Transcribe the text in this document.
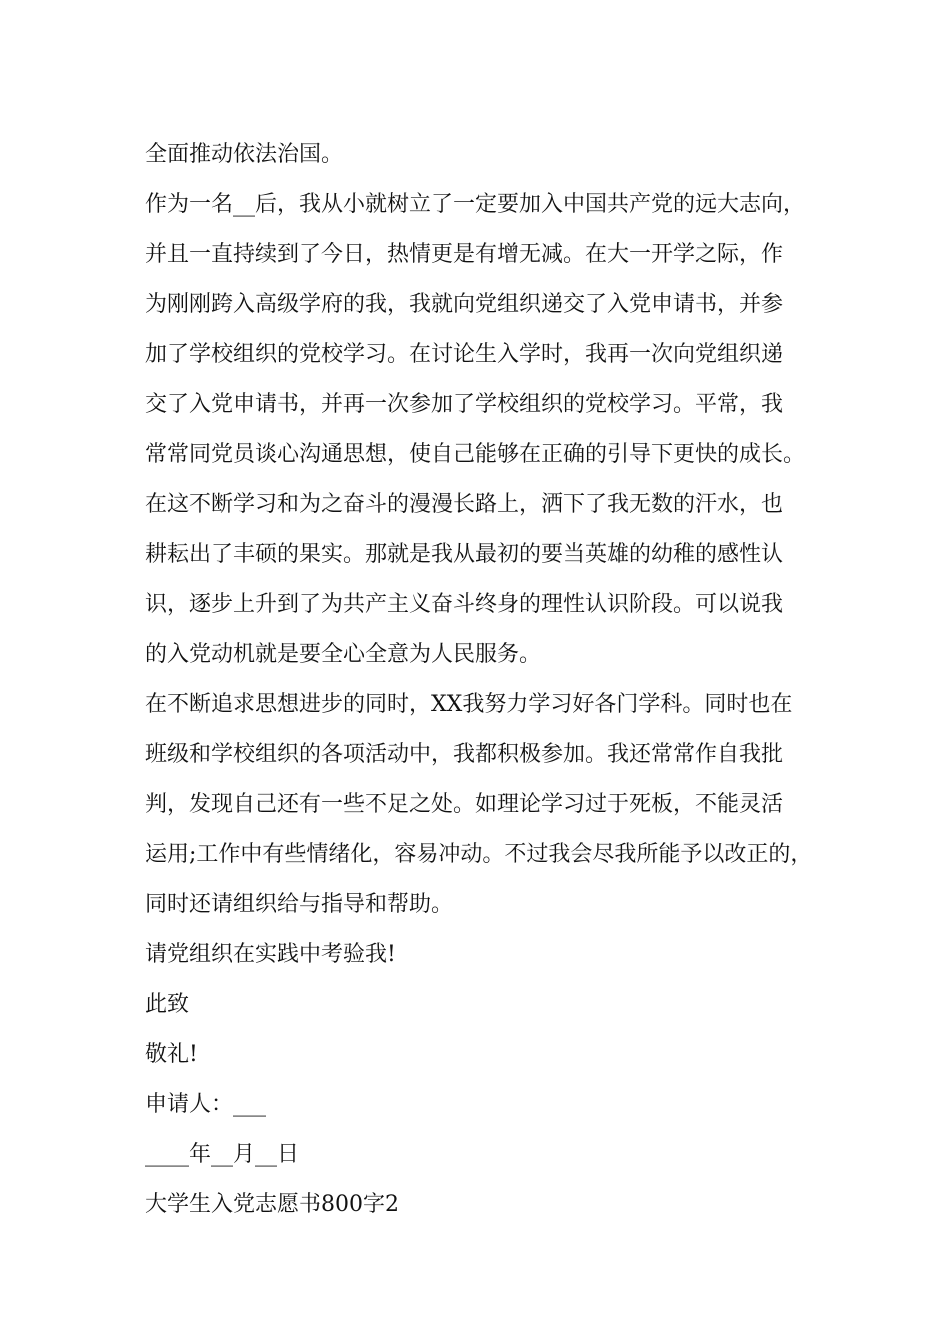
全面推动依法治国。
作为一名__后，我从小就树立了一定要加入中国共产党的远大志向，
并且一直持续到了今日，热情更是有增无减。在大一开学之际，作
为刚刚跨入高级学府的我，我就向党组织递交了入党申请书，并参
加了学校组织的党校学习。在讨论生入学时，我再一次向党组织递
交了入党申请书，并再一次参加了学校组织的党校学习。平常，我
常常同党员谈心沟通思想，使自己能够在正确的引导下更快的成长。
在这不断学习和为之奋斗的漫漫长路上，洒下了我无数的汗水，也
耕耘出了丰硕的果实。那就是我从最初的要当英雄的幼稚的感性认
识，逐步上升到了为共产主义奋斗终身的理性认识阶段。可以说我
的入党动机就是要全心全意为人民服务。
在不断追求思想进步的同时，XX我努力学习好各门学科。同时也在
班级和学校组织的各项活动中，我都积极参加。我还常常作自我批
判，发现自己还有一些不足之处。如理论学习过于死板，不能灵活
运用;工作中有些情绪化，容易冲动。不过我会尽我所能予以改正的，
同时还请组织给与指导和帮助。
请党组织在实践中考验我!
此致
敬礼!
申请人：___
____年__月__日
大学生入党志愿书800字2
